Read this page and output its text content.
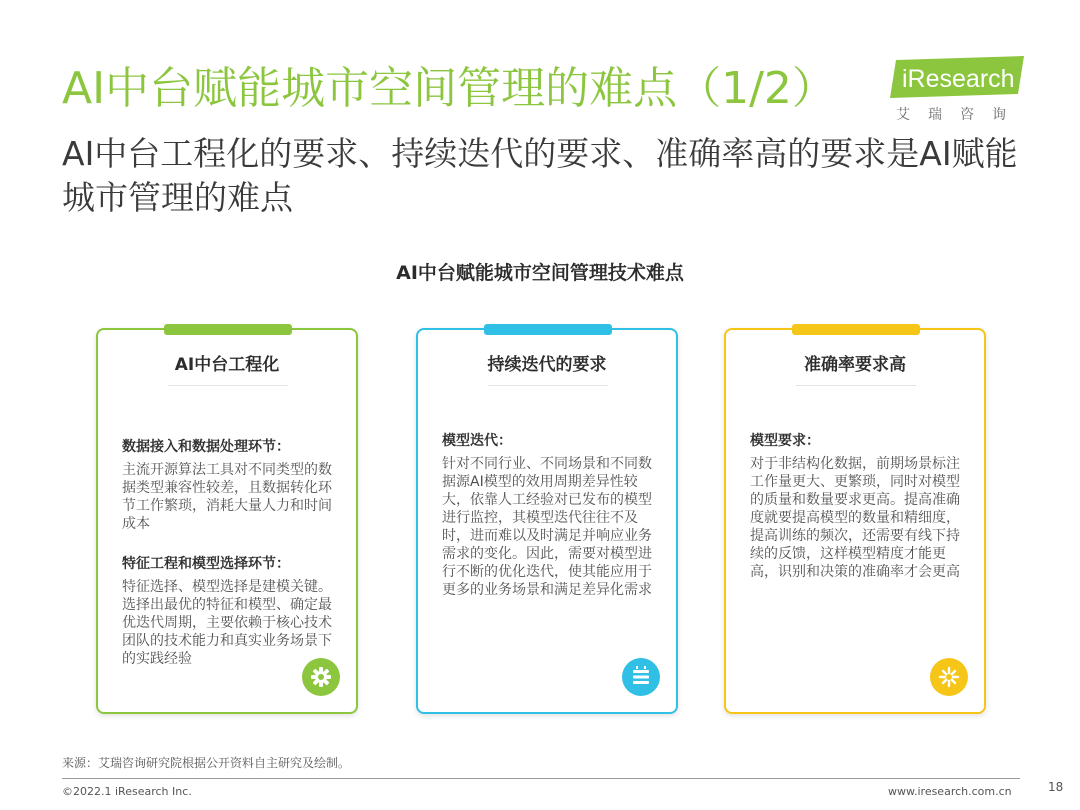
AI中台赋能城市空间管理的难点（1/2）	iResearch
艾瑞咨询
AI中台工程化的要求、持续迭代的要求、准确率高的要求是AI赋能城市管理的难点
AI中台赋能城市空间管理技术难点
AI中台工程化
数据接入和数据处理环节：
主流开源算法工具对不同类型的数据类型兼容性较差，且数据转化环节工作繁琐，消耗大量人力和时间成本
特征工程和模型选择环节：
特征选择、模型选择是建模关键。选择出最优的特征和模型、确定最优迭代周期，主要依赖于核心技术团队的技术能力和真实业务场景下的实践经验
持续迭代的要求
模型迭代：
针对不同行业、不同场景和不同数据源AI模型的效用周期差异性较大，依靠人工经验对已发布的模型进行监控，其模型迭代往往不及时，进而难以及时满足并响应业务需求的变化。因此，需要对模型进行不断的优化迭代，使其能应用于更多的业务场景和满足差异化需求
准确率要求高
模型要求：
对于非结构化数据，前期场景标注工作量更大、更繁琐，同时对模型的质量和数量要求更高。提高准确度就要提高模型的数量和精细度，提高训练的频次，还需要有线下持续的反馈，这样模型精度才能更高，识别和决策的准确率才会更高
来源：艾瑞咨询研究院根据公开资料自主研究及绘制。
©2022.1 iResearch Inc.	www.iresearch.com.cn	18
